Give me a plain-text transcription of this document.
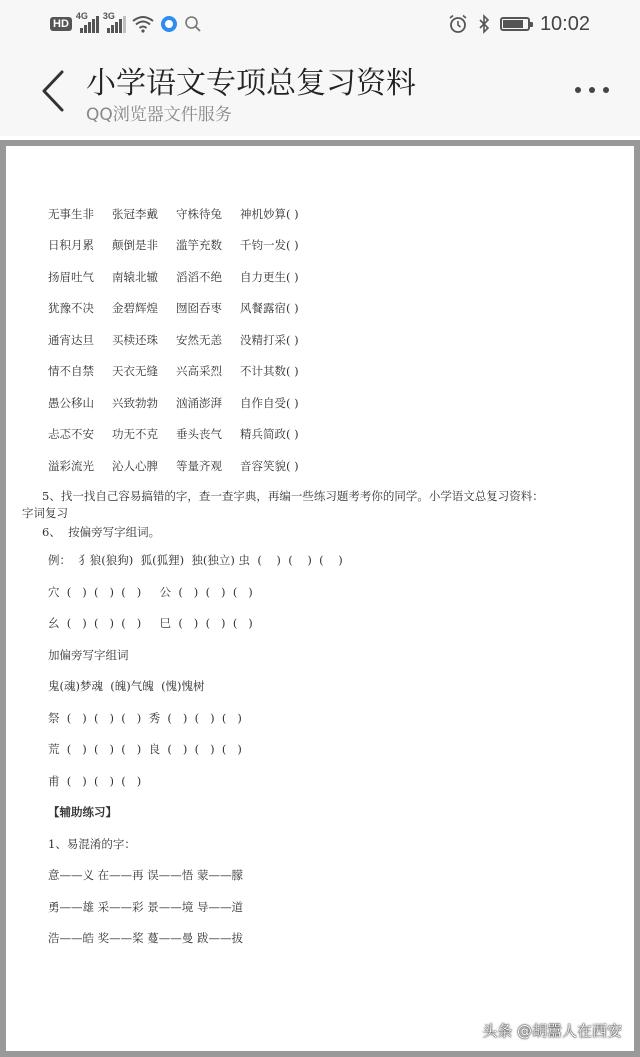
HD
4G 3G	10:02
小学语文专项总复习资料
QQ浏览器文件服务
无事生非 张冠李戴 守株待兔 神机妙算( )
日积月累 颠倒是非 滥竽充数 千钧一发( )
扬眉吐气 南辕北辙 滔滔不绝 自力更生( )
犹豫不决 金碧辉煌 囫囵吞枣 风餐露宿( )
通宵达旦 买椟还珠 安然无恙 没精打采( )
情不自禁 天衣无缝 兴高采烈 不计其数( )
愚公移山 兴致勃勃 汹涌澎湃 自作自受( )
忐忑不安 功无不克 垂头丧气 精兵简政( )
溢彩流光 沁人心脾 等量齐观 音容笑貌( )
5、找一找自己容易搞错的字，查一查字典，再编一些练习题考考你的同学。小学语文总复习资料：
字词复习
6、  按偏旁写字组词。
例：  犭狼(狼狗)  狐(狐狸)  独(独立) 虫  (    )  (    )  (    )
穴  (   )  (   )  (   )     公  (   )  (   )  (   )
幺  (   )  (   )  (   )     巳  (   )  (   )  (   )
加偏旁写字组词
鬼(魂)梦魂  (魄)气魄  (愧)愧树
祭  (   )  (   )  (   )  秀  (   )  (   )  (   )
荒  (   )  (   )  (   )  良  (   )  (   )  (   )
甫  (   )  (   )  (   )
【辅助练习】
1、易混淆的字：
意——义 在——再 误——悟 蒙——朦
勇——雄 采——彩 景——境 导——道
浩——皓 奖——桨 蔓——曼 跋——拔
头条 @胡嚣人在西安
